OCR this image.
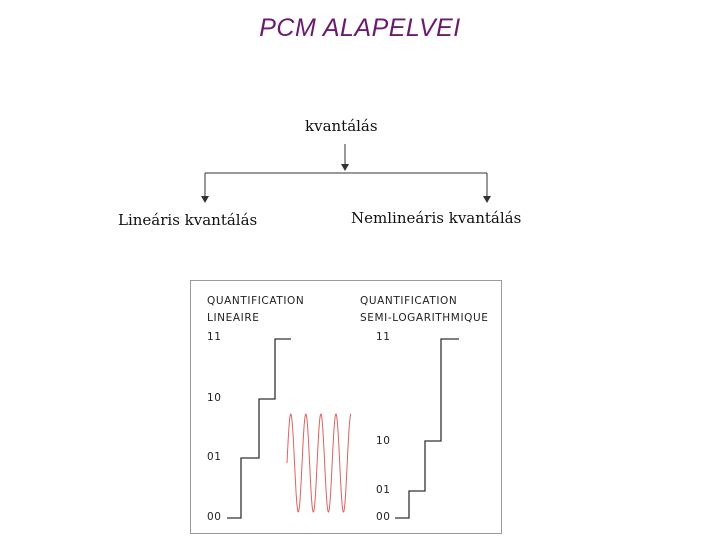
PCM ALAPELVEI
kvantálás
Lineáris kvantálás	Nemlineáris kvantálás
QUANTIFICATION
LINEAIRE
QUANTIFICATION
SEMI-LOGARITHMIQUE
11
10
01
00
11
10
01
00
